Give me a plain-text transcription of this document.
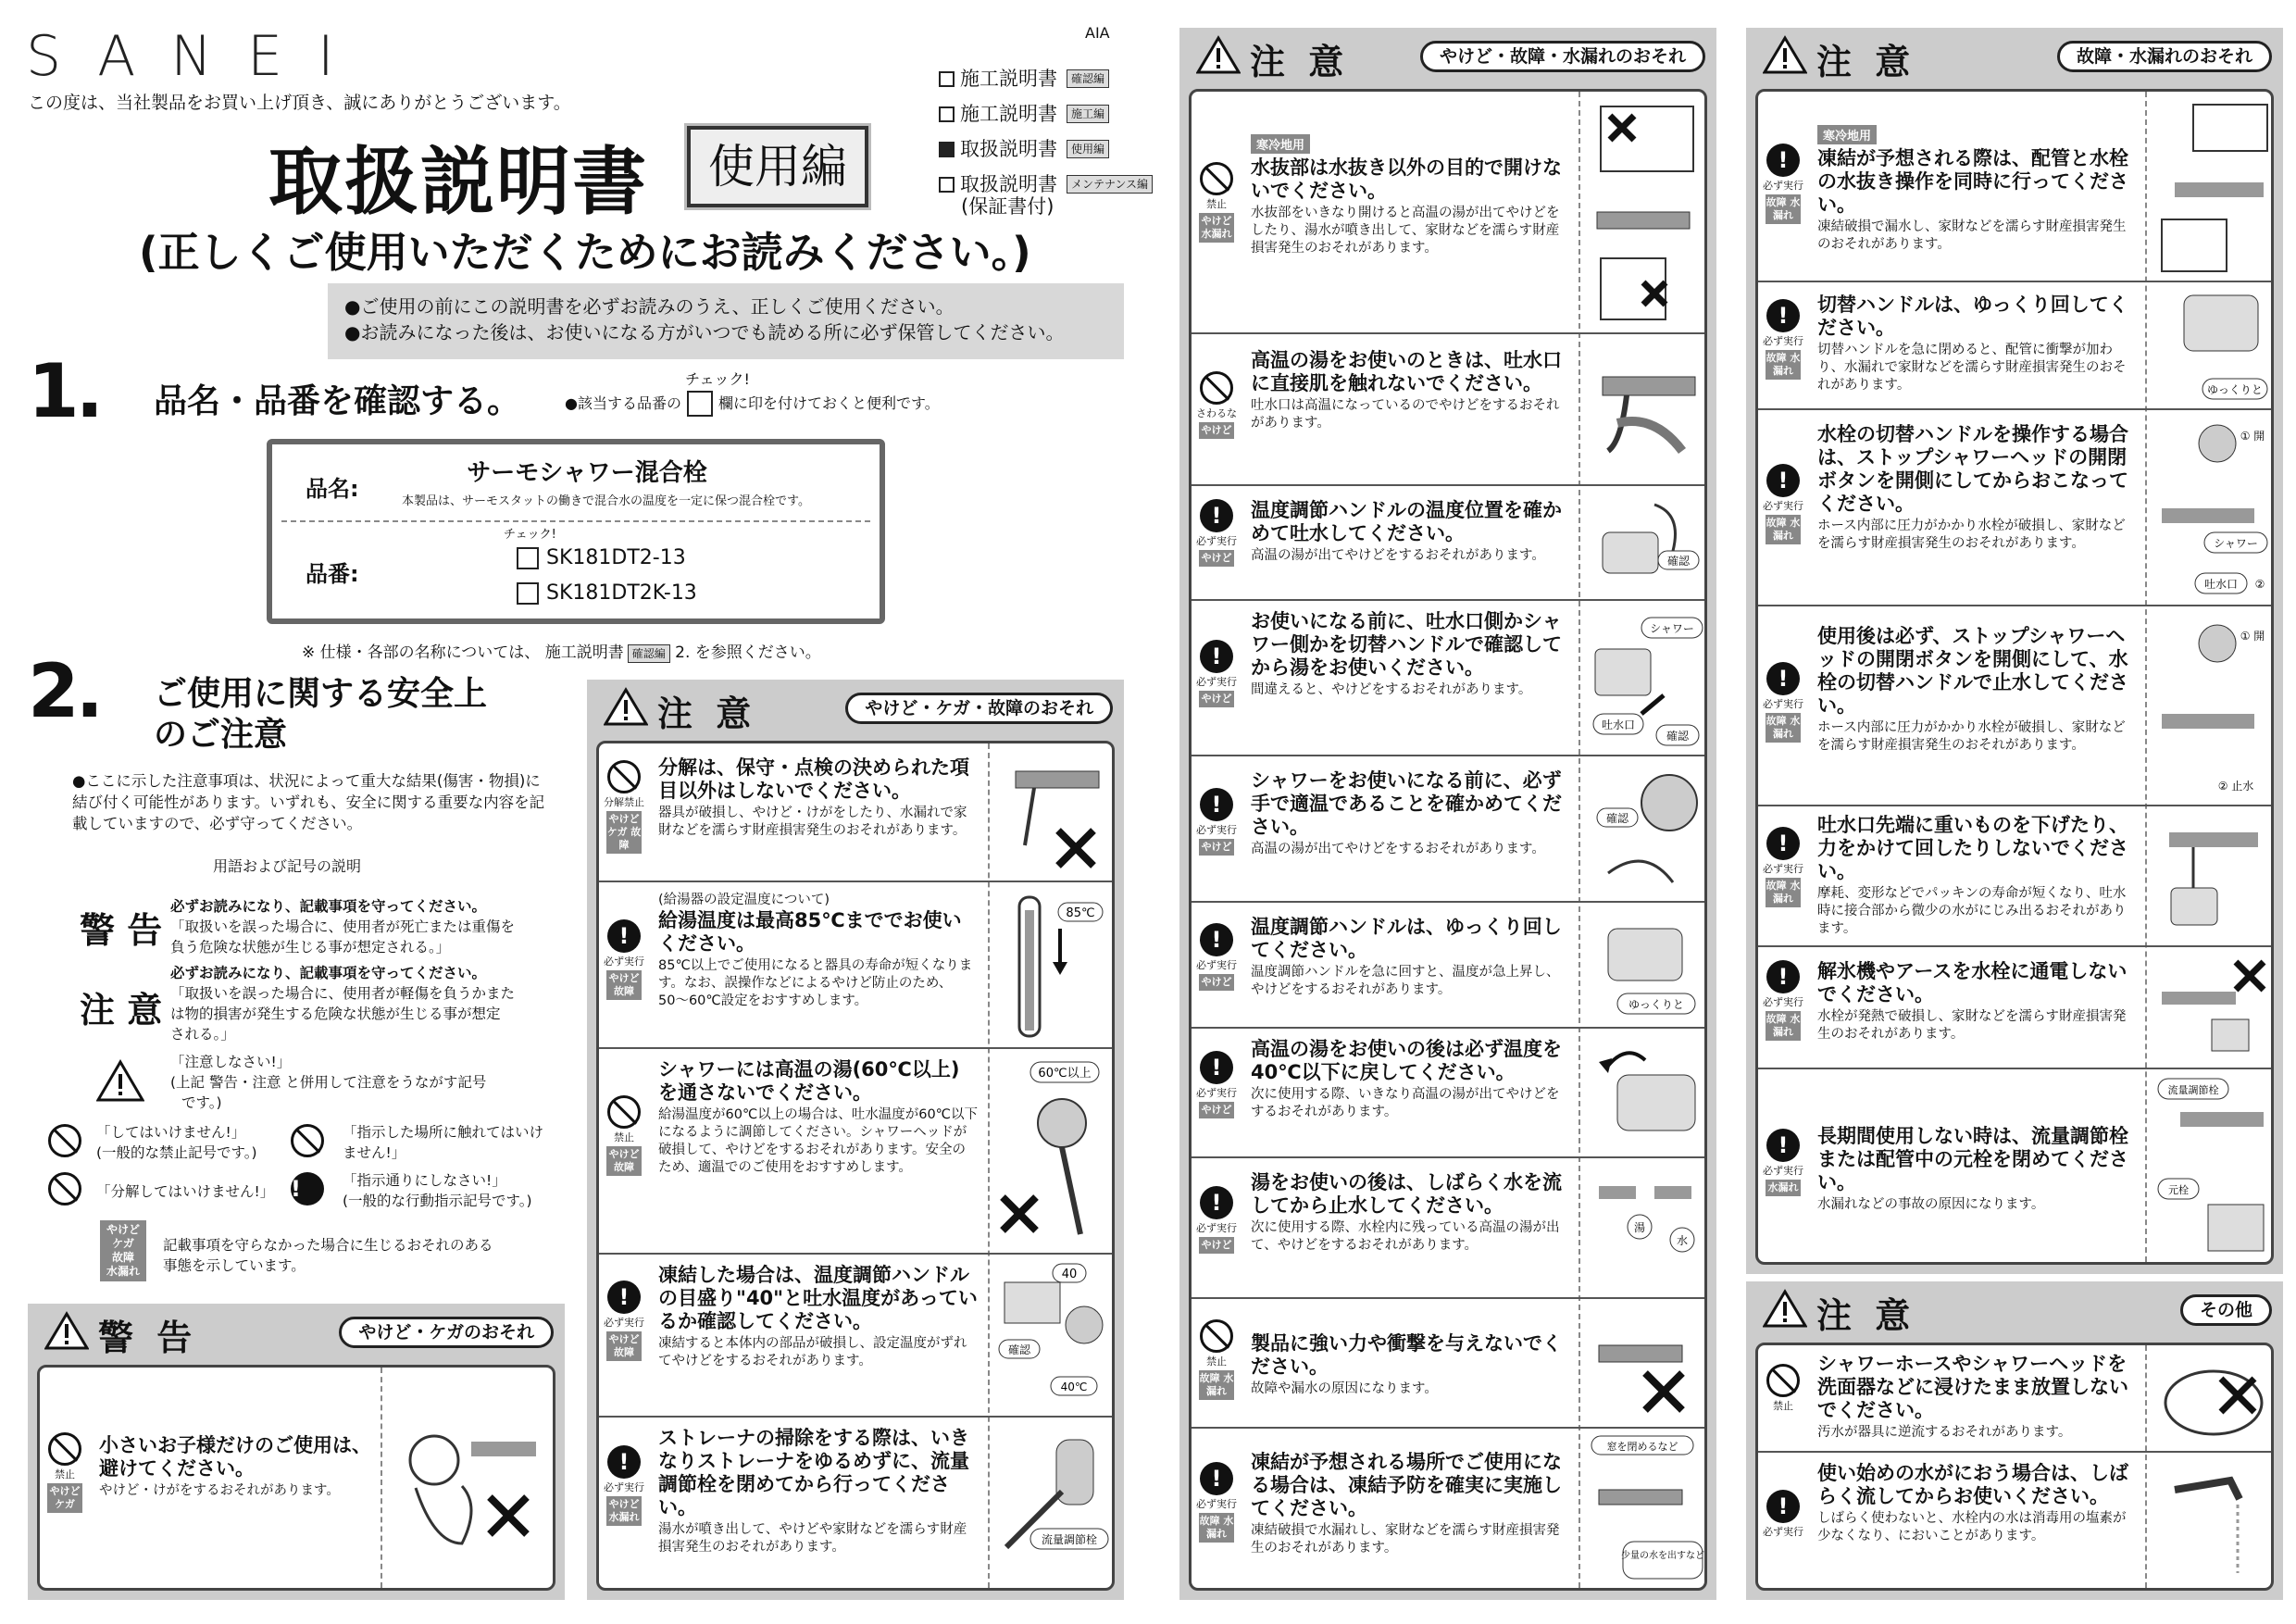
SANEI
この度は、当社製品をお買い上げ頂き、誠にありがとうございます。
AIA
施工説明書	確認編
施工説明書	施工編
取扱説明書	使用編
取扱説明書	メンテナンス編
(保証書付)
取扱説明書	使用編
(正しくご使用いただくためにお読みください。)
●ご使用の前にこの説明書を必ずお読みのうえ、正しくご使用ください。
●お読みになった後は、お使いになる方がいつでも読める所に必ず保管してください。
1. 品名・品番を確認する。
チェック!
●該当する品番の	欄に印を付けておくと便利です。
品名:
サーモシャワー混合栓
本製品は、サーモスタットの働きで混合水の温度を一定に保つ混合栓です。
品番:
チェック!
SK181DT2-13
SK181DT2K-13
※ 仕様・各部の名称については、 施工説明書 確認編 2. を参照ください。
2. ご使用に関する安全上
のご注意
●ここに示した注意事項は、状況によって重大な結果(傷害・物損)に結び付く可能性があります。いずれも、安全に関する重要な内容を記載していますので、必ず守ってください。
用語および記号の説明
警 告
必ずお読みになり、記載事項を守ってください。
「取扱いを誤った場合に、使用者が死亡または重傷を
負う危険な状態が生じる事が想定される。」
注 意
必ずお読みになり、記載事項を守ってください。
「取扱いを誤った場合に、使用者が軽傷を負うかまた
は物的損害が発生する危険な状態が生じる事が想定
される。」
「注意しなさい!」
(上記 警告・注意 と併用して注意をうながす記号
です。)
「してはいけません!」
(一般的な禁止記号です。)
「指示した場所に触れてはいけ
ません!」
「分解してはいけません!」 !	「指示通りにしなさい!」
(一般的な行動指示記号です。)
やけど
ケガ
故障
水漏れ
記載事項を守らなかった場合に生じるおそれのある
事態を示しています。
警 告	やけど・ケガのおそれ
禁止
やけど ケガ
小さいお子様だけのご使用は、避けてください。
やけど・けがをするおそれがあります。
注 意	やけど・ケガ・故障のおそれ
分解禁止
やけど ケガ 故障
分解は、保守・点検の決められた項目以外はしないでください。
器具が破損し、やけど・けがをしたり、水漏れで家財などを濡らす財産損害発生のおそれがあります。
!
必ず実行
やけど 故障
(給湯器の設定温度について)
給湯温度は最高85℃まででお使いください。
85℃以上でご使用になると器具の寿命が短くなります。なお、誤操作などによるやけど防止のため、50〜60℃設定をおすすめします。
85℃
禁止
やけど 故障
シャワーには高温の湯(60℃以上)を通さないでください。
給湯温度が60℃以上の場合は、吐水温度が60℃以下になるように調節してください。シャワーヘッドが破損して、やけどをするおそれがあります。安全のため、適温でのご使用をおすすめします。
60℃以上
!
必ず実行
やけど 故障
凍結した場合は、温度調節ハンドルの目盛り"40"と吐水温度があっているか確認してください。
凍結すると本体内の部品が破損し、設定温度がずれてやけどをするおそれがあります。
40
確認
40℃
!
必ず実行
やけど 水漏れ
ストレーナの掃除をする際は、いきなりストレーナをゆるめずに、流量調節栓を閉めてから行ってください。
湯水が噴き出して、やけどや家財などを濡らす財産損害発生のおそれがあります。	流量調節栓
注 意	やけど・故障・水漏れのおそれ
禁止
やけど 水漏れ
寒冷地用
水抜部は水抜き以外の目的で開けないでください。
水抜部をいきなり開けると高温の湯が出てやけどをしたり、湯水が噴き出して、家財などを濡らす財産損害発生のおそれがあります。
さわるな
やけど
高温の湯をお使いのときは、吐水口に直接肌を触れないでください。
吐水口は高温になっているのでやけどをするおそれがあります。
!
必ず実行
やけど
温度調節ハンドルの温度位置を確かめて吐水してください。
高温の湯が出てやけどをするおそれがあります。	確認
!
必ず実行
やけど
お使いになる前に、吐水口側かシャワー側かを切替ハンドルで確認してから湯をお使いください。
間違えると、やけどをするおそれがあります。
シャワー
吐水口
確認
!
必ず実行
やけど
シャワーをお使いになる前に、必ず手で適温であることを確かめてください。
高温の湯が出てやけどをするおそれがあります。
確認
!
必ず実行
やけど
温度調節ハンドルは、ゆっくり回してください。
温度調節ハンドルを急に回すと、温度が急上昇し、やけどをするおそれがあります。
ゆっくりと
!
必ず実行
やけど
高温の湯をお使いの後は必ず温度を40℃以下に戻してください。
次に使用する際、いきなり高温の湯が出てやけどをするおそれがあります。
!
必ず実行
やけど
湯をお使いの後は、しばらく水を流してから止水してください。
次に使用する際、水栓内に残っている高温の湯が出て、やけどをするおそれがあります。
湯
水
禁止
故障 水漏れ
製品に強い力や衝撃を与えないでください。
故障や漏水の原因になります。
!
必ず実行
故障 水漏れ
凍結が予想される場所でご使用になる場合は、凍結予防を確実に実施してください。
凍結破損で水漏れし、家財などを濡らす財産損害発生のおそれがあります。
窓を閉めるなど
少量の水を出すなど
注 意	故障・水漏れのおそれ
!
必ず実行
故障 水漏れ
寒冷地用
凍結が予想される際は、配管と水栓の水抜き操作を同時に行ってください。
凍結破損で漏水し、家財などを濡らす財産損害発生のおそれがあります。
!
必ず実行
故障 水漏れ
切替ハンドルは、ゆっくり回してください。
切替ハンドルを急に閉めると、配管に衝撃が加わり、水漏れで家財などを濡らす財産損害発生のおそれがあります。	ゆっくりと
!
必ず実行
故障 水漏れ
水栓の切替ハンドルを操作する場合は、ストップシャワーヘッドの開閉ボタンを開側にしてからおこなってください。
ホース内部に圧力がかかり水栓が破損し、家財などを濡らす財産損害発生のおそれがあります。
① 開
シャワー
吐水口 ②
!
必ず実行
故障 水漏れ
使用後は必ず、ストップシャワーヘッドの開閉ボタンを開側にして、水栓の切替ハンドルで止水してください。
ホース内部に圧力がかかり水栓が破損し、家財などを濡らす財産損害発生のおそれがあります。
① 開
② 止水
!
必ず実行
故障 水漏れ
吐水口先端に重いものを下げたり、力をかけて回したりしないでください。
摩耗、変形などでパッキンの寿命が短くなり、吐水時に接合部から微少の水がにじみ出るおそれがあります。
!
必ず実行
故障 水漏れ
解氷機やアースを水栓に通電しないでください。
水栓が発熱で破損し、家財などを濡らす財産損害発生のおそれがあります。
!
必ず実行
水漏れ
長期間使用しない時は、流量調節栓または配管中の元栓を閉めてください。
水漏れなどの事故の原因になります。
流量調節栓
元栓
注 意	その他
禁止
シャワーホースやシャワーヘッドを洗面器などに浸けたまま放置しないでください。
汚水が器具に逆流するおそれがあります。
!
必ず実行
使い始めの水がにおう場合は、しばらく流してからお使いください。
しばらく使わないと、水栓内の水は消毒用の塩素が少なくなり、においことがあります。
